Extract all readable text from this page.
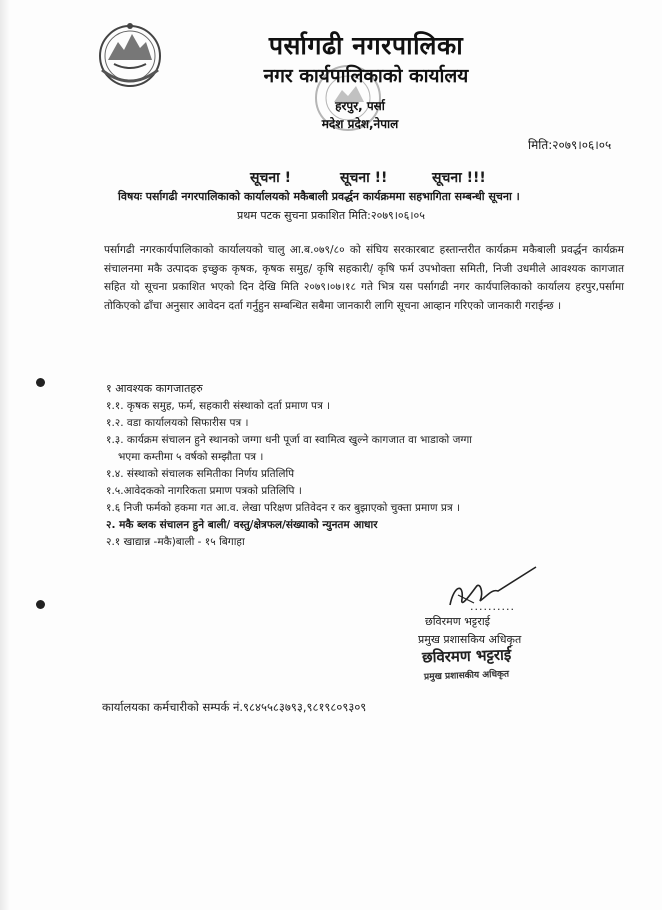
पर्सागढी नगरपालिका
नगर कार्यपालिकाको कार्यालय
हरपुर, पर्सा
मदेश प्रदेश,नेपाल
मिति:२०७९।०६।०५
सूचना !	सूचना !!	सूचना !!!
विषयः पर्सागढी नगरपालिकाको कार्यालयको मकैबाली प्रवर्द्धन कार्यक्रममा सहभागिता सम्बन्धी सूचना ।
प्रथम पटक सुचना प्रकाशित मिति:२०७९।०६।०५
पर्सागढी नगरकार्यपालिकाको कार्यालयको चालु आ.ब.०७९/८० को संघिय सरकारबाट हस्तान्तरीत कार्यक्रम मकैबाली प्रवर्द्धन कार्यक्रम संचालनमा मकै उत्पादक इच्छुक कृषक, कृषक समुह/ कृषि सहकारी/ कृषि फर्म उपभोक्ता समिती, निजी उधमीले आवश्यक कागजात सहित यो सूचना प्रकाशित भएको दिन देखि मिति २०७९।०७।१८ गते भित्र यस पर्सागढी नगर कार्यपालिकाको कार्यालय हरपुर,पर्सामा तोकिएको ढाँचा अनुसार आवेदन दर्ता गर्नुहुन सम्बन्धित सबैमा जानकारी लागि सूचना आव्हान गरिएको जानकारी गराईन्छ ।
१ आवश्यक कागजातहरु
१.१. कृषक समुह, फर्म, सहकारी संस्थाको दर्ता प्रमाण पत्र ।
१.२. वडा कार्यालयको सिफारीस पत्र ।
१.३. कार्यक्रम संचालन हुने स्थानको जग्गा धनी पूर्जा वा स्वामित्व खुल्ने कागजात वा भाडाको जग्गा
भएमा कम्तीमा ५ वर्षको सम्झौता पत्र ।
१.४. संस्थाको संचालक समितीका निर्णय प्रतिलिपि
१.५.आवेदकको नागरिकता प्रमाण पत्रको प्रतिलिपि ।
१.६ निजी फर्मको हकमा गत आ.व. लेखा परिक्षण प्रतिवेदन र कर बुझाएको चुक्ता प्रमाण प्रत्र ।
२. मकै ब्लक संचालन हुने बाली/ वस्तु/क्षेत्रफल/संख्याको न्युनतम आधार
२.१ खाद्यान्न -मकै)बाली - १५ बिगाहा
..........
छविरमण भट्टराई
प्रमुख प्रशासकिय अधिकृत
छविरमण भट्टराई
प्रमुख प्रशासकीय अधिकृत
कार्यालयका कर्मचारीको सम्पर्क नं.९८४५५८३७९३,९८१९८०९३०९
